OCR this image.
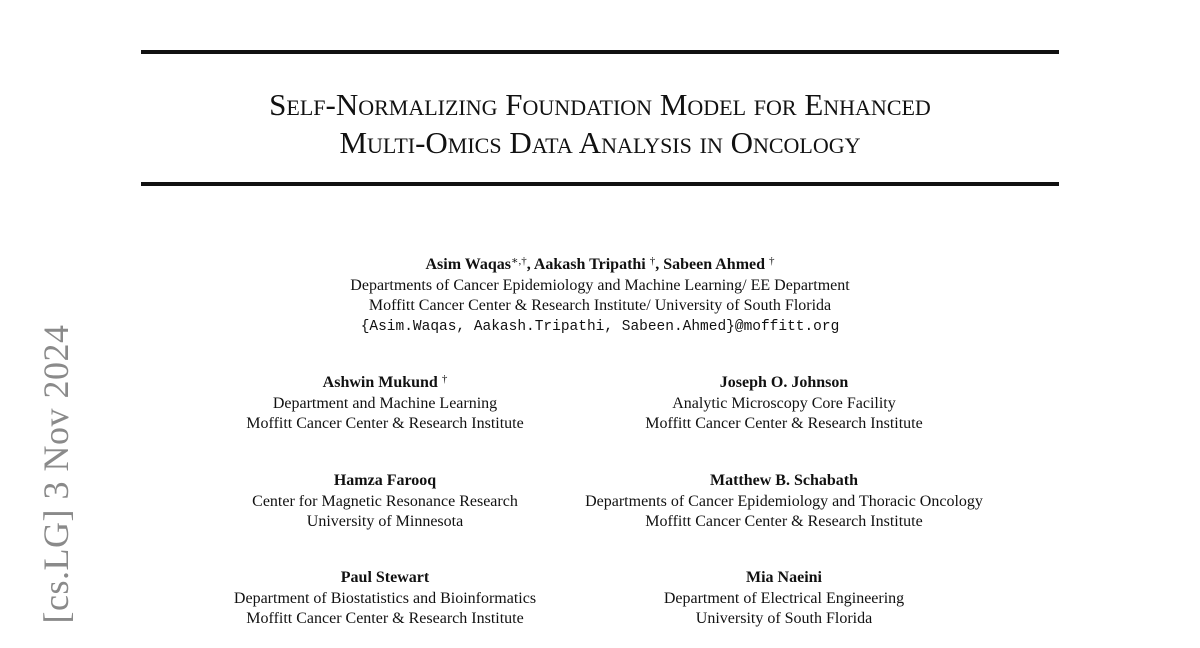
[cs.LG] 3 Nov 2024
Self-Normalizing Foundation Model for Enhanced
Multi-Omics Data Analysis in Oncology
Asim Waqas∗,†, Aakash Tripathi †, Sabeen Ahmed †
Departments of Cancer Epidemiology and Machine Learning/ EE Department
Moffitt Cancer Center & Research Institute/ University of South Florida
{Asim.Waqas, Aakash.Tripathi, Sabeen.Ahmed}@moffitt.org
Ashwin Mukund †
Department and Machine Learning
Moffitt Cancer Center & Research Institute
Joseph O. Johnson
Analytic Microscopy Core Facility
Moffitt Cancer Center & Research Institute
Hamza Farooq
Center for Magnetic Resonance Research
University of Minnesota
Matthew B. Schabath
Departments of Cancer Epidemiology and Thoracic Oncology
Moffitt Cancer Center & Research Institute
Paul Stewart
Department of Biostatistics and Bioinformatics
Moffitt Cancer Center & Research Institute
Mia Naeini
Department of Electrical Engineering
University of South Florida
